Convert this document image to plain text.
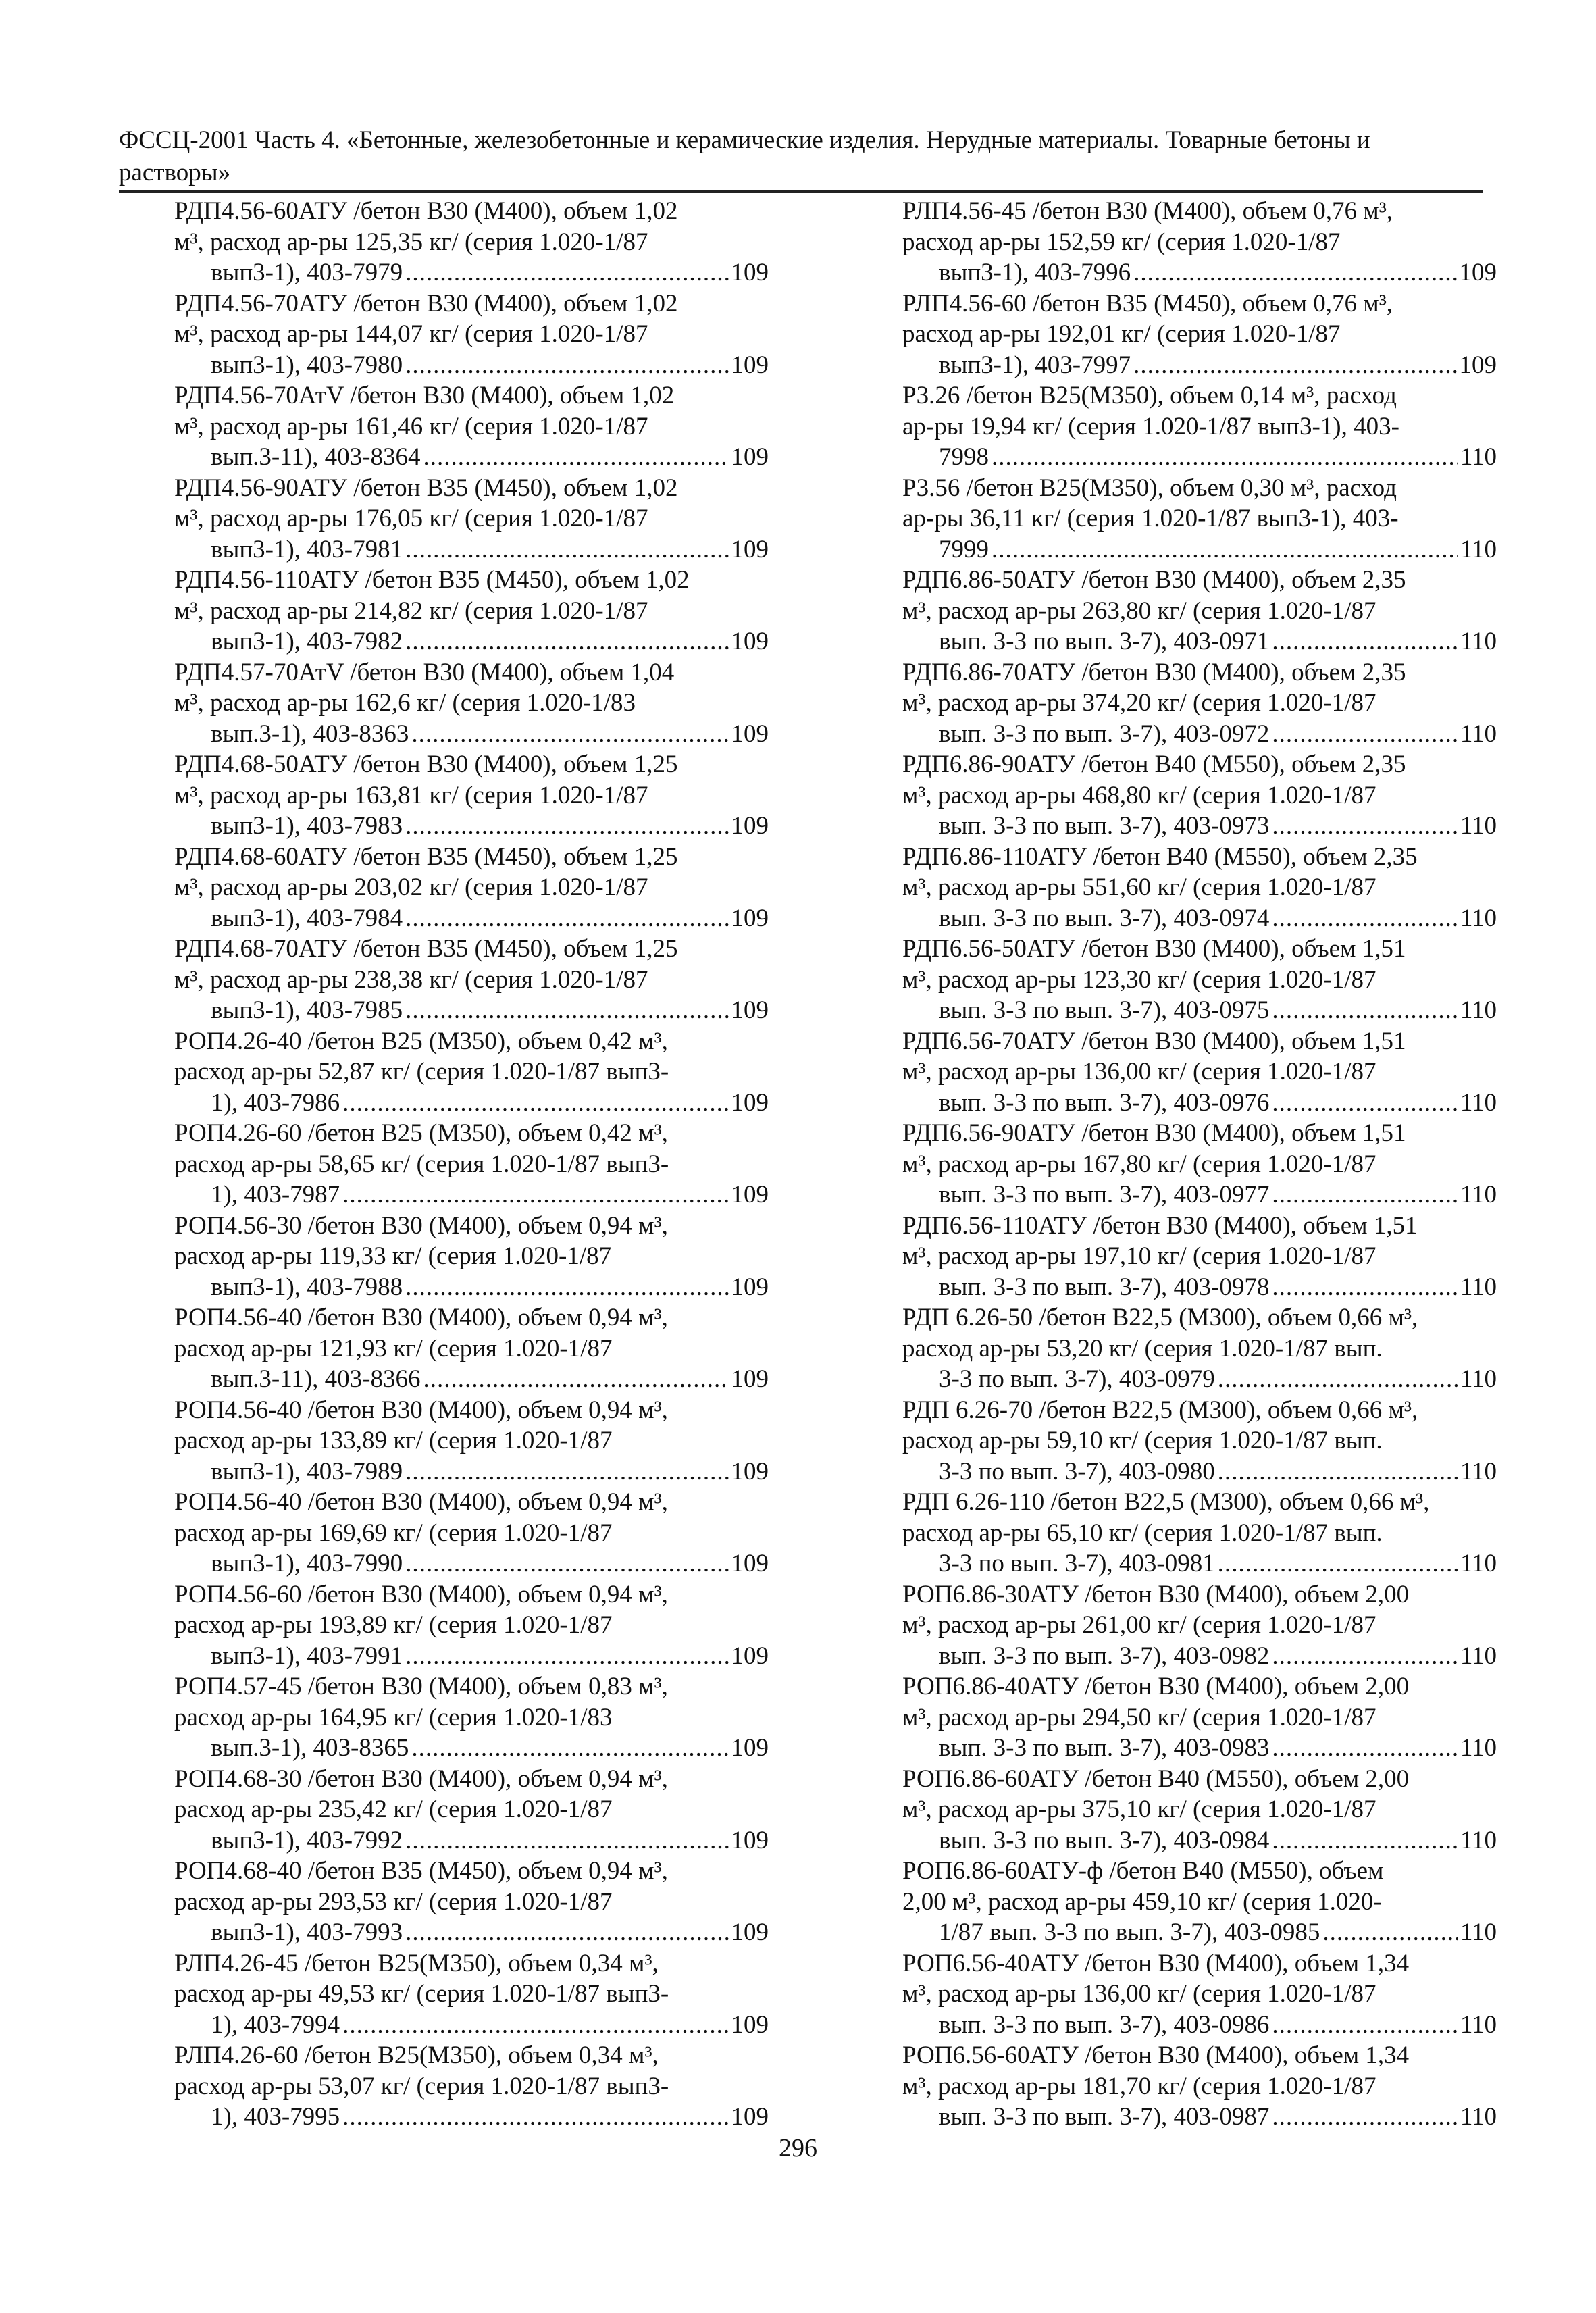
ФССЦ-2001 Часть 4. «Бетонные, железобетонные и керамические изделия. Нерудные материалы. Товарные бетоны и растворы»
РДП4.56-60АТУ /бетон В30 (М400), объем 1,02
м³, расход ар-ры 125,35 кг/ (серия 1.020-1/87
вып3-1), 403-7979 .....	109
РДП4.56-70АТУ /бетон В30 (М400), объем 1,02
м³, расход ар-ры 144,07 кг/ (серия 1.020-1/87
вып3-1), 403-7980 .....	109
РДП4.56-70АтV /бетон В30 (М400), объем 1,02
м³, расход ар-ры 161,46 кг/ (серия 1.020-1/87
вып.3-11), 403-8364 .....	109
РДП4.56-90АТУ /бетон В35 (М450), объем 1,02
м³, расход ар-ры 176,05 кг/ (серия 1.020-1/87
вып3-1), 403-7981 .....	109
РДП4.56-110АТУ /бетон В35 (М450), объем 1,02
м³, расход ар-ры 214,82 кг/ (серия 1.020-1/87
вып3-1), 403-7982 .....	109
РДП4.57-70АтV /бетон В30 (М400), объем 1,04
м³, расход ар-ры 162,6 кг/ (серия 1.020-1/83
вып.3-1), 403-8363 .....	109
РДП4.68-50АТУ /бетон В30 (М400), объем 1,25
м³, расход ар-ры 163,81 кг/ (серия 1.020-1/87
вып3-1), 403-7983 .....	109
РДП4.68-60АТУ /бетон В35 (М450), объем 1,25
м³, расход ар-ры 203,02 кг/ (серия 1.020-1/87
вып3-1), 403-7984 .....	109
РДП4.68-70АТУ /бетон В35 (М450), объем 1,25
м³, расход ар-ры 238,38 кг/ (серия 1.020-1/87
вып3-1), 403-7985 .....	109
РОП4.26-40 /бетон В25 (М350), объем 0,42 м³,
расход ар-ры 52,87 кг/ (серия 1.020-1/87 вып3-
1), 403-7986 .....	109
РОП4.26-60 /бетон В25 (М350), объем 0,42 м³,
расход ар-ры 58,65 кг/ (серия 1.020-1/87 вып3-
1), 403-7987 .....	109
РОП4.56-30 /бетон В30 (М400), объем 0,94 м³,
расход ар-ры 119,33 кг/ (серия 1.020-1/87
вып3-1), 403-7988 .....	109
РОП4.56-40 /бетон В30 (М400), объем 0,94 м³,
расход ар-ры 121,93 кг/ (серия 1.020-1/87
вып.3-11), 403-8366 .....	109
РОП4.56-40 /бетон В30 (М400), объем 0,94 м³,
расход ар-ры 133,89 кг/ (серия 1.020-1/87
вып3-1), 403-7989 .....	109
РОП4.56-40 /бетон В30 (М400), объем 0,94 м³,
расход ар-ры 169,69 кг/ (серия 1.020-1/87
вып3-1), 403-7990 .....	109
РОП4.56-60 /бетон В30 (М400), объем 0,94 м³,
расход ар-ры 193,89 кг/ (серия 1.020-1/87
вып3-1), 403-7991 .....	109
РОП4.57-45 /бетон В30 (М400), объем 0,83 м³,
расход ар-ры 164,95 кг/ (серия 1.020-1/83
вып.3-1), 403-8365 .....	109
РОП4.68-30 /бетон В30 (М400), объем 0,94 м³,
расход ар-ры 235,42 кг/ (серия 1.020-1/87
вып3-1), 403-7992 .....	109
РОП4.68-40 /бетон В35 (М450), объем 0,94 м³,
расход ар-ры 293,53 кг/ (серия 1.020-1/87
вып3-1), 403-7993 .....	109
РЛП4.26-45 /бетон В25(М350), объем 0,34 м³,
расход ар-ры 49,53 кг/ (серия 1.020-1/87 вып3-
1), 403-7994 .....	109
РЛП4.26-60 /бетон В25(М350), объем 0,34 м³,
расход ар-ры 53,07 кг/ (серия 1.020-1/87 вып3-
1), 403-7995 .....	109
РЛП4.56-45 /бетон В30 (М400), объем 0,76 м³,
расход ар-ры 152,59 кг/ (серия 1.020-1/87
вып3-1), 403-7996 .....	109
РЛП4.56-60 /бетон В35 (М450), объем 0,76 м³,
расход ар-ры 192,01 кг/ (серия 1.020-1/87
вып3-1), 403-7997 .....	109
Р3.26 /бетон В25(М350), объем 0,14 м³, расход
ар-ры 19,94 кг/ (серия 1.020-1/87 вып3-1), 403-
7998 .....	110
Р3.56 /бетон В25(М350), объем 0,30 м³, расход
ар-ры 36,11 кг/ (серия 1.020-1/87 вып3-1), 403-
7999 .....	110
РДП6.86-50АТУ /бетон В30 (М400), объем 2,35
м³, расход ар-ры 263,80 кг/ (серия 1.020-1/87
вып. 3-3 по вып. 3-7), 403-0971 .....	110
РДП6.86-70АТУ /бетон В30 (М400), объем 2,35
м³, расход ар-ры 374,20 кг/ (серия 1.020-1/87
вып. 3-3 по вып. 3-7), 403-0972 .....	110
РДП6.86-90АТУ /бетон В40 (М550), объем 2,35
м³, расход ар-ры 468,80 кг/ (серия 1.020-1/87
вып. 3-3 по вып. 3-7), 403-0973 .....	110
РДП6.86-110АТУ /бетон В40 (М550), объем 2,35
м³, расход ар-ры 551,60 кг/ (серия 1.020-1/87
вып. 3-3 по вып. 3-7), 403-0974 .....	110
РДП6.56-50АТУ /бетон В30 (М400), объем 1,51
м³, расход ар-ры 123,30 кг/ (серия 1.020-1/87
вып. 3-3 по вып. 3-7), 403-0975 .....	110
РДП6.56-70АТУ /бетон В30 (М400), объем 1,51
м³, расход ар-ры 136,00 кг/ (серия 1.020-1/87
вып. 3-3 по вып. 3-7), 403-0976 .....	110
РДП6.56-90АТУ /бетон В30 (М400), объем 1,51
м³, расход ар-ры 167,80 кг/ (серия 1.020-1/87
вып. 3-3 по вып. 3-7), 403-0977 .....	110
РДП6.56-110АТУ /бетон В30 (М400), объем 1,51
м³, расход ар-ры 197,10 кг/ (серия 1.020-1/87
вып. 3-3 по вып. 3-7), 403-0978 .....	110
РДП 6.26-50 /бетон В22,5 (М300), объем 0,66 м³,
расход ар-ры 53,20 кг/ (серия 1.020-1/87 вып.
3-3 по вып. 3-7), 403-0979 .....	110
РДП 6.26-70 /бетон В22,5 (М300), объем 0,66 м³,
расход ар-ры 59,10 кг/ (серия 1.020-1/87 вып.
3-3 по вып. 3-7), 403-0980 .....	110
РДП 6.26-110 /бетон В22,5 (М300), объем 0,66 м³,
расход ар-ры 65,10 кг/ (серия 1.020-1/87 вып.
3-3 по вып. 3-7), 403-0981 .....	110
РОП6.86-30АТУ /бетон В30 (М400), объем 2,00
м³, расход ар-ры 261,00 кг/ (серия 1.020-1/87
вып. 3-3 по вып. 3-7), 403-0982 .....	110
РОП6.86-40АТУ /бетон В30 (М400), объем 2,00
м³, расход ар-ры 294,50 кг/ (серия 1.020-1/87
вып. 3-3 по вып. 3-7), 403-0983 .....	110
РОП6.86-60АТУ /бетон В40 (М550), объем 2,00
м³, расход ар-ры 375,10 кг/ (серия 1.020-1/87
вып. 3-3 по вып. 3-7), 403-0984 .....	110
РОП6.86-60АТУ-ф /бетон В40 (М550), объем
2,00 м³, расход ар-ры 459,10 кг/ (серия 1.020-
1/87 вып. 3-3 по вып. 3-7), 403-0985 .....	110
РОП6.56-40АТУ /бетон В30 (М400), объем 1,34
м³, расход ар-ры 136,00 кг/ (серия 1.020-1/87
вып. 3-3 по вып. 3-7), 403-0986 .....	110
РОП6.56-60АТУ /бетон В30 (М400), объем 1,34
м³, расход ар-ры 181,70 кг/ (серия 1.020-1/87
вып. 3-3 по вып. 3-7), 403-0987 .....	110
296
